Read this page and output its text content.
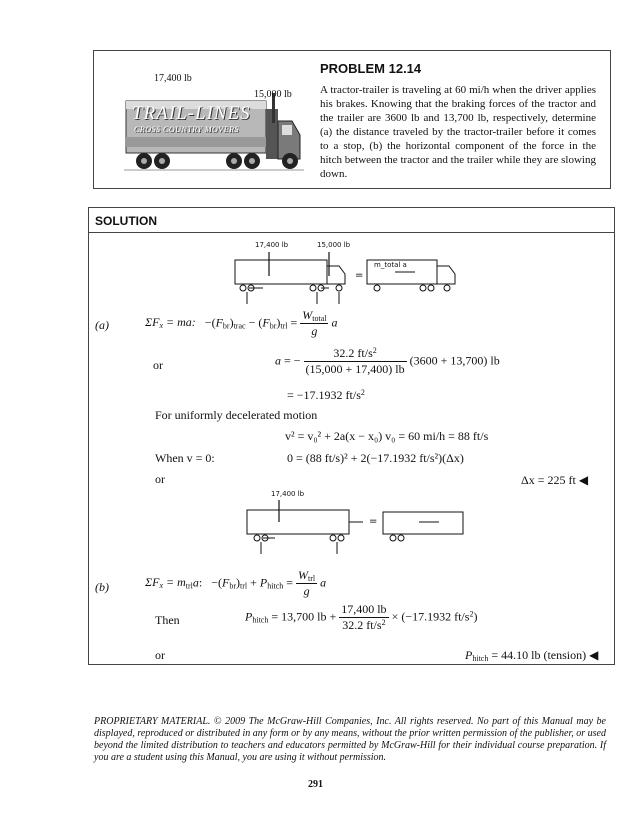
17,400 lb
15,000 lb
TRAIL-LINES
CROSS COUNTRY MOVERS
PROBLEM 12.14
A tractor-trailer is traveling at 60 mi/h when the driver applies his brakes. Knowing that the braking forces of the tractor and the trailer are 3600 lb and 13,700 lb, respectively, determine (a) the distance traveled by the tractor-trailer before it comes to a stop, (b) the horizontal component of the force in the hitch between the tractor and the trailer while they are slowing down.
SOLUTION
17,400 lb	15,000 lb
=
m_total a
(a)	$\Sigma F_x$ = ma:   $-(F_{br})_{trac} - (F_{br})_{trl} = \frac{W_{total}}{g}$ a
or	a = − $\frac{32.2 ft/s^2}{(15,000 + 17,400) lb} (3600 + 13,700)$ lb
= −17.1932 $ft/s^2$
For uniformly decelerated motion
v² = v₀² + 2a(x − x₀) v₀ = 60 mi/h = 88 ft/s
When v = 0:	0 = (88 ft/s)² + 2(−17.1932 ft/s²)(Δx)
or	Δx = 225 ft ◀
17,400 lb
=
(b)	$\Sigma F_x = m_{trl}a$:   $-(F_{br})_{trl} + P_{hitch} = \frac{W_{trl}}{g}$ a
Then	$P_{hitch} = 13,700$ lb + $\frac{17,400 lb}{32.2 ft/s^2} \times (-17.1932$ $ft/s^2$)
or	$P_{hitch} = 44.10$ lb (tension) ◀
PROPRIETARY MATERIAL. © 2009 The McGraw-Hill Companies, Inc. All rights reserved. No part of this Manual may be displayed, reproduced or distributed in any form or by any means, without the prior written permission of the publisher, or used beyond the limited distribution to teachers and educators permitted by McGraw-Hill for their individual course preparation. If you are a student using this Manual, you are using it without permission.
291
